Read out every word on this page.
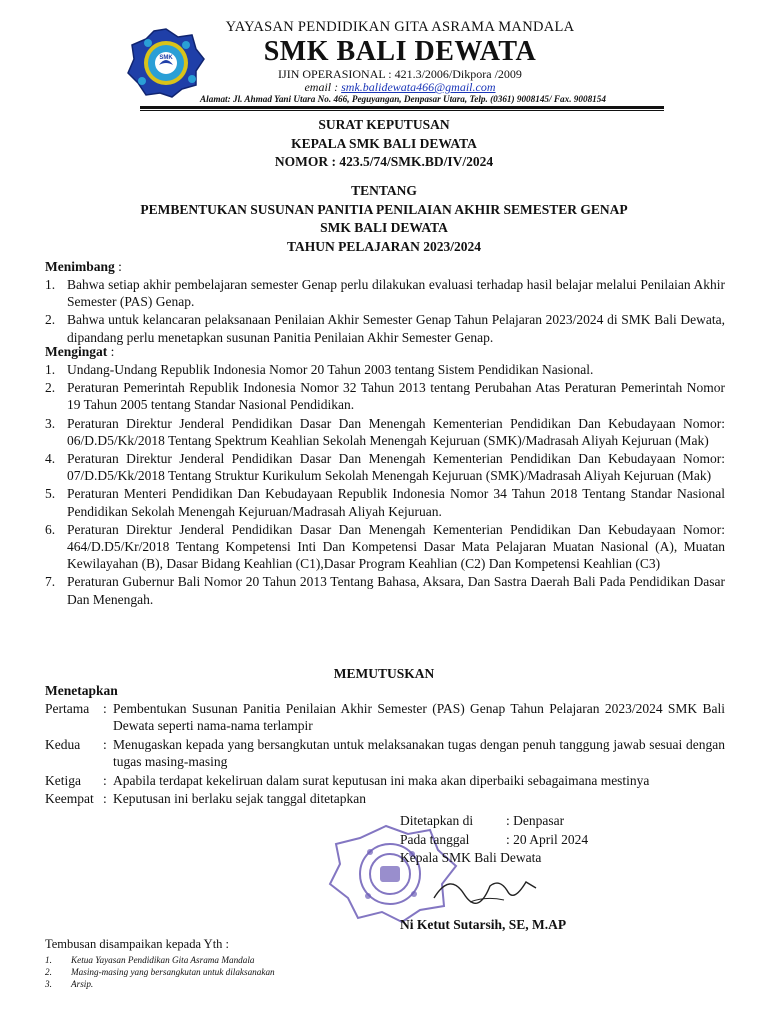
SMK
YAYASAN PENDIDIKAN GITA ASRAMA MANDALA
SMK BALI DEWATA
IJIN OPERASIONAL : 421.3/2006/Dikpora /2009
email : smk.balidewata466@gmail.com
Alamat: Jl. Ahmad Yani Utara No. 466, Peguyangan, Denpasar Utara, Telp. (0361) 9008145/ Fax. 9008154
SURAT KEPUTUSAN
KEPALA SMK BALI DEWATA
NOMOR : 423.5/74/SMK.BD/IV/2024
TENTANG
PEMBENTUKAN SUSUNAN PANITIA PENILAIAN AKHIR SEMESTER GENAP
SMK BALI DEWATA
TAHUN PELAJARAN 2023/2024
Menimbang :
1. Bahwa setiap akhir pembelajaran semester Genap perlu dilakukan evaluasi terhadap hasil belajar melalui Penilaian Akhir Semester (PAS) Genap.
2. Bahwa untuk kelancaran pelaksanaan Penilaian Akhir Semester Genap Tahun Pelajaran 2023/2024 di SMK Bali Dewata, dipandang perlu menetapkan susunan Panitia Penilaian Akhir Semester Genap.
Mengingat :
1. Undang-Undang Republik Indonesia Nomor 20 Tahun 2003 tentang Sistem Pendidikan Nasional.
2. Peraturan Pemerintah Republik Indonesia Nomor 32 Tahun 2013 tentang Perubahan Atas Peraturan Pemerintah Nomor 19 Tahun 2005 tentang Standar Nasional Pendidikan.
3. Peraturan Direktur Jenderal Pendidikan Dasar Dan Menengah Kementerian Pendidikan Dan Kebudayaan Nomor: 06/D.D5/Kk/2018 Tentang Spektrum Keahlian Sekolah Menengah Kejuruan (SMK)/Madrasah Aliyah Kejuruan (Mak)
4. Peraturan Direktur Jenderal Pendidikan Dasar Dan Menengah Kementerian Pendidikan Dan Kebudayaan Nomor: 07/D.D5/Kk/2018 Tentang Struktur Kurikulum Sekolah Menengah Kejuruan (SMK)/Madrasah Aliyah Kejuruan (Mak)
5. Peraturan Menteri Pendidikan Dan Kebudayaan Republik Indonesia Nomor 34 Tahun 2018 Tentang Standar Nasional Pendidikan Sekolah Menengah Kejuruan/Madrasah Aliyah Kejuruan.
6. Peraturan Direktur Jenderal Pendidikan Dasar Dan Menengah Kementerian Pendidikan Dan Kebudayaan Nomor: 464/D.D5/Kr/2018 Tentang Kompetensi Inti Dan Kompetensi Dasar Mata Pelajaran Muatan Nasional (A), Muatan Kewilayahan (B), Dasar Bidang Keahlian (C1),Dasar Program Keahlian (C2) Dan Kompetensi Keahlian (C3)
7. Peraturan Gubernur Bali Nomor 20 Tahun 2013 Tentang Bahasa, Aksara, Dan Sastra Daerah Bali Pada Pendidikan Dasar Dan Menengah.
MEMUTUSKAN
Menetapkan
Pertama	: Pembentukan Susunan Panitia Penilaian Akhir Semester (PAS) Genap Tahun Pelajaran 2023/2024 SMK Bali Dewata seperti nama-nama terlampir
Kedua	: Menugaskan kepada yang bersangkutan untuk melaksanakan tugas dengan penuh tanggung jawab sesuai dengan tugas masing-masing
Ketiga	: Apabila terdapat kekeliruan dalam surat keputusan ini maka akan diperbaiki sebagaimana mestinya
Keempat : Keputusan ini berlaku sejak tanggal ditetapkan
Ditetapkan di	: Denpasar
Pada tanggal	: 20 April 2024
Kepala SMK Bali Dewata
Ni Ketut Sutarsih, SE, M.AP
Tembusan disampaikan kepada Yth :
1.	Ketua Yayasan Pendidikan Gita Asrama Mandala
2.	Masing-masing yang bersangkutan untuk dilaksanakan
3.	Arsip.
